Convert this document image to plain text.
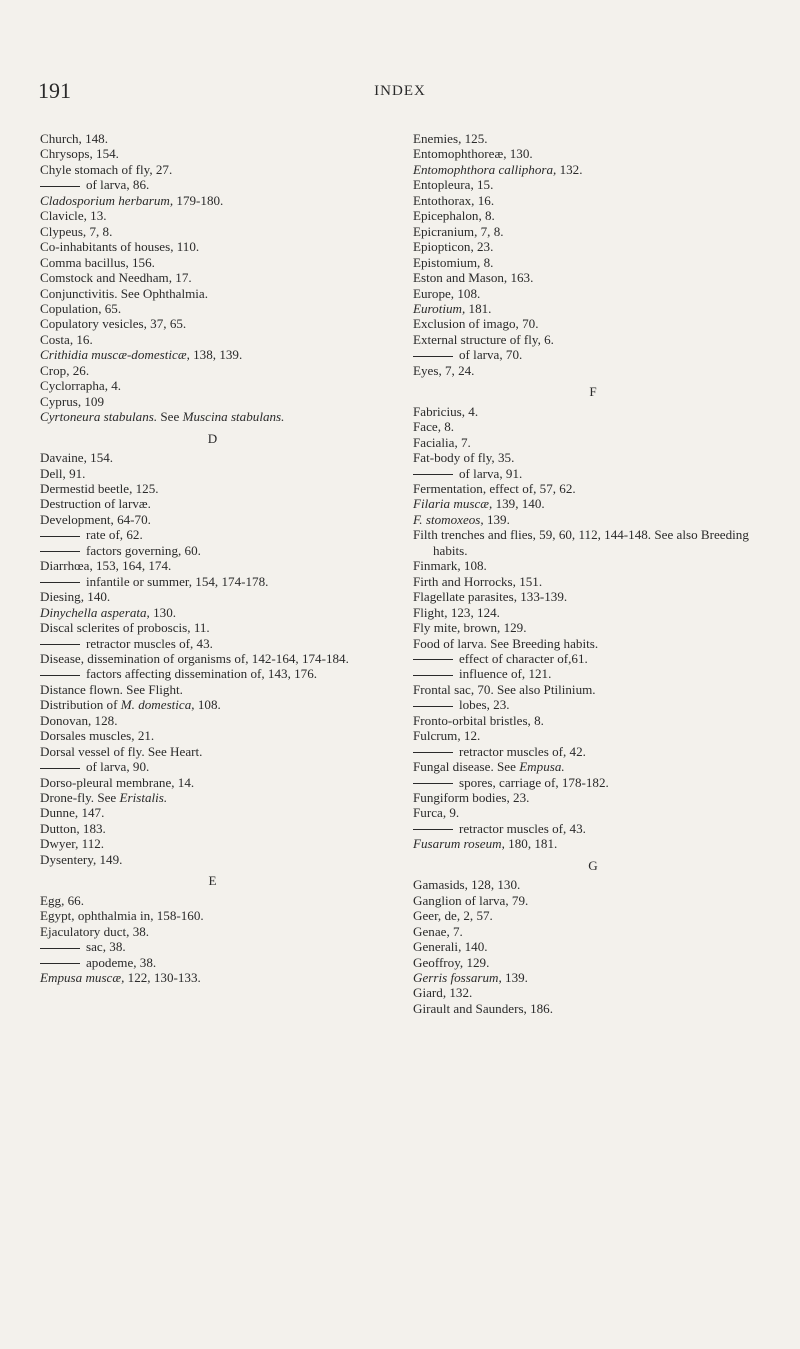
191	INDEX
Church, 148.
Chrysops, 154.
Chyle stomach of fly, 27.
of larva, 86.
Cladosporium herbarum, 179-180.
Clavicle, 13.
Clypeus, 7, 8.
Co-inhabitants of houses, 110.
Comma bacillus, 156.
Comstock and Needham, 17.
Conjunctivitis. See Ophthalmia.
Copulation, 65.
Copulatory vesicles, 37, 65.
Costa, 16.
Crithidia muscæ-domesticæ, 138, 139.
Crop, 26.
Cyclorrapha, 4.
Cyprus, 109
Cyrtoneura stabulans. See Muscina stabulans.
D
Davaine, 154.
Dell, 91.
Dermestid beetle, 125.
Destruction of larvæ.
Development, 64-70.
rate of, 62.
factors governing, 60.
Diarrhœa, 153, 164, 174.
infantile or summer, 154, 174-178.
Diesing, 140.
Dinychella asperata, 130.
Discal sclerites of proboscis, 11.
retractor muscles of, 43.
Disease, dissemination of organisms of, 142-164, 174-184.
factors affecting dissemination of, 143, 176.
Distance flown. See Flight.
Distribution of M. domestica, 108.
Donovan, 128.
Dorsales muscles, 21.
Dorsal vessel of fly. See Heart.
of larva, 90.
Dorso-pleural membrane, 14.
Drone-fly. See Eristalis.
Dunne, 147.
Dutton, 183.
Dwyer, 112.
Dysentery, 149.
E
Egg, 66.
Egypt, ophthalmia in, 158-160.
Ejaculatory duct, 38.
sac, 38.
apodeme, 38.
Empusa muscæ, 122, 130-133.
Enemies, 125.
Entomophthoreæ, 130.
Entomophthora calliphora, 132.
Entopleura, 15.
Entothorax, 16.
Epicephalon, 8.
Epicranium, 7, 8.
Epiopticon, 23.
Epistomium, 8.
Eston and Mason, 163.
Europe, 108.
Eurotium, 181.
Exclusion of imago, 70.
External structure of fly, 6.
of larva, 70.
Eyes, 7, 24.
F
Fabricius, 4.
Face, 8.
Facialia, 7.
Fat-body of fly, 35.
of larva, 91.
Fermentation, effect of, 57, 62.
Filaria muscæ, 139, 140.
F. stomoxeos, 139.
Filth trenches and flies, 59, 60, 112, 144-148. See also Breeding habits.
Finmark, 108.
Firth and Horrocks, 151.
Flagellate parasites, 133-139.
Flight, 123, 124.
Fly mite, brown, 129.
Food of larva. See Breeding habits.
effect of character of,61.
influence of, 121.
Frontal sac, 70. See also Ptilinium.
lobes, 23.
Fronto-orbital bristles, 8.
Fulcrum, 12.
retractor muscles of, 42.
Fungal disease. See Empusa.
spores, carriage of, 178-182.
Fungiform bodies, 23.
Furca, 9.
retractor muscles of, 43.
Fusarum roseum, 180, 181.
G
Gamasids, 128, 130.
Ganglion of larva, 79.
Geer, de, 2, 57.
Genae, 7.
Generali, 140.
Geoffroy, 129.
Gerris fossarum, 139.
Giard, 132.
Girault and Saunders, 186.
